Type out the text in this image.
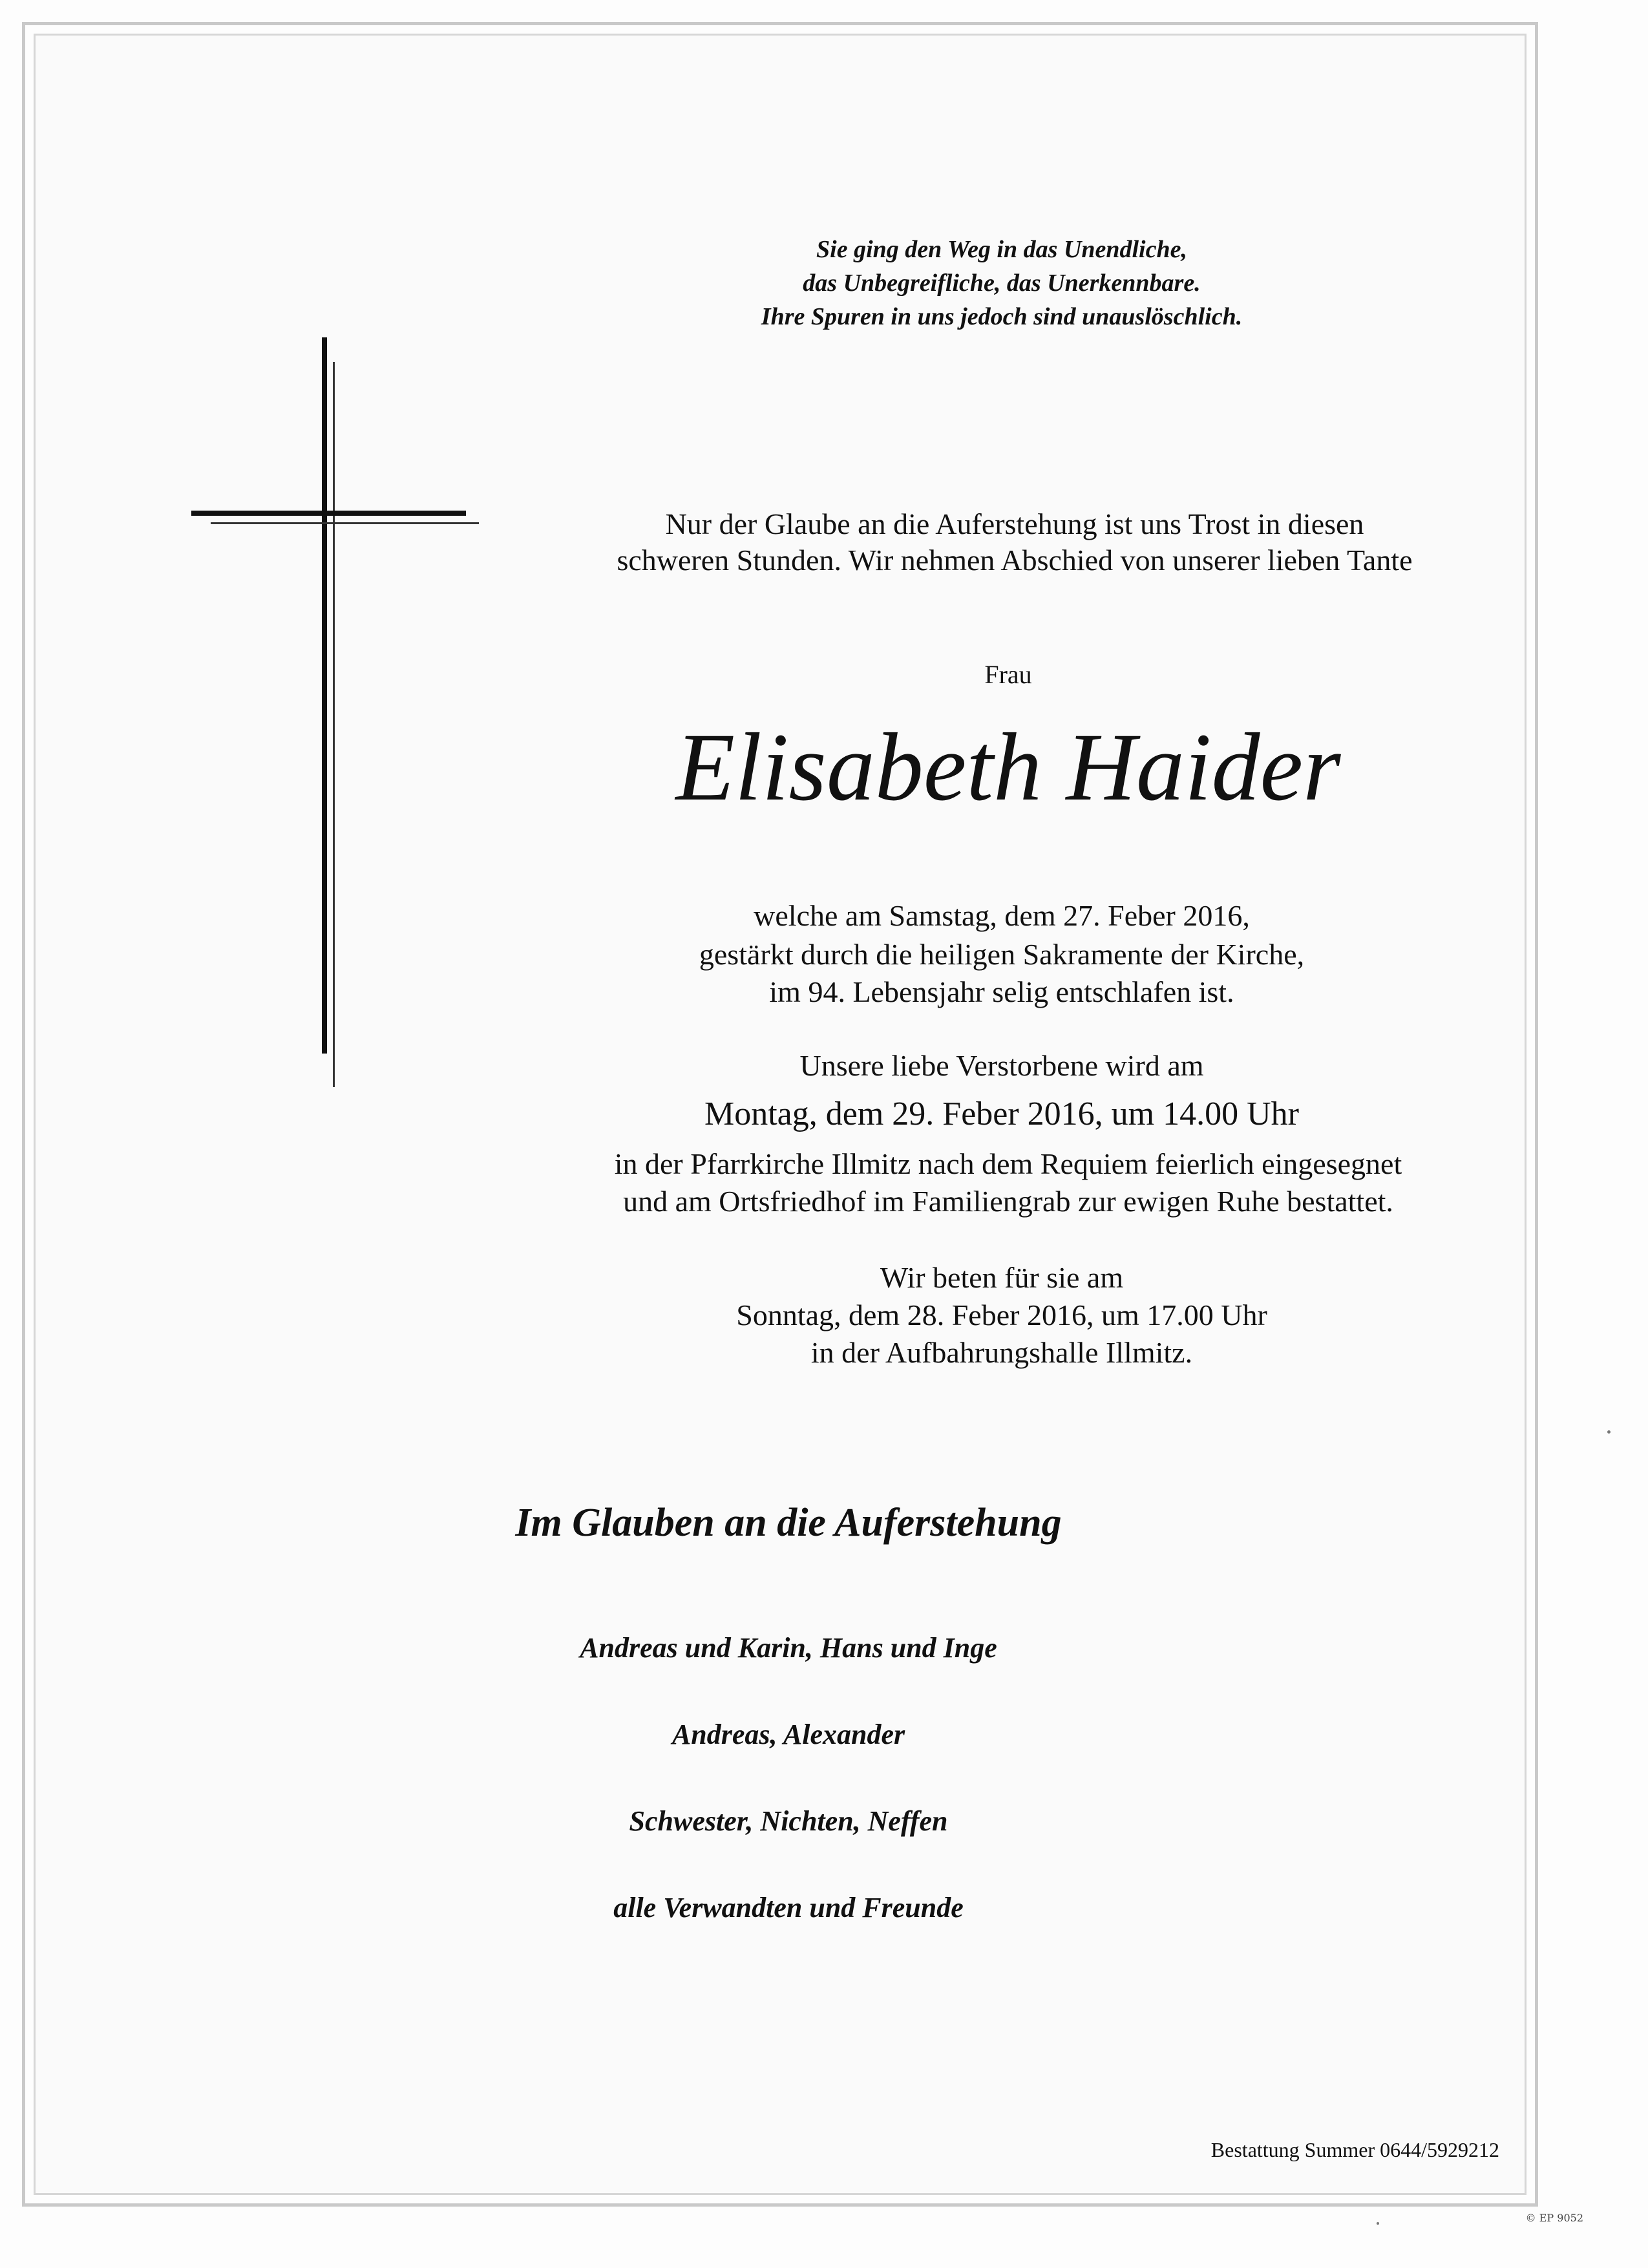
Sie ging den Weg in das Unendliche,
das Unbegreifliche, das Unerkennbare.
Ihre Spuren in uns jedoch sind unauslöschlich.
Nur der Glaube an die Auferstehung ist uns Trost in diesen
schweren Stunden. Wir nehmen Abschied von unserer lieben Tante
Frau
Elisabeth Haider
welche am Samstag, dem 27. Feber 2016,
gestärkt durch die heiligen Sakramente der Kirche,
im 94. Lebensjahr selig entschlafen ist.
Unsere liebe Verstorbene wird am
Montag, dem 29. Feber 2016, um 14.00 Uhr
in der Pfarrkirche Illmitz nach dem Requiem feierlich eingesegnet
und am Ortsfriedhof im Familiengrab zur ewigen Ruhe bestattet.
Wir beten für sie am
Sonntag, dem 28. Feber 2016, um 17.00 Uhr
in der Aufbahrungshalle Illmitz.
Im Glauben an die Auferstehung
Andreas und Karin, Hans und Inge
Andreas, Alexander
Schwester, Nichten, Neffen
alle Verwandten und Freunde
Bestattung Summer 0644/5929212
© EP 9052
